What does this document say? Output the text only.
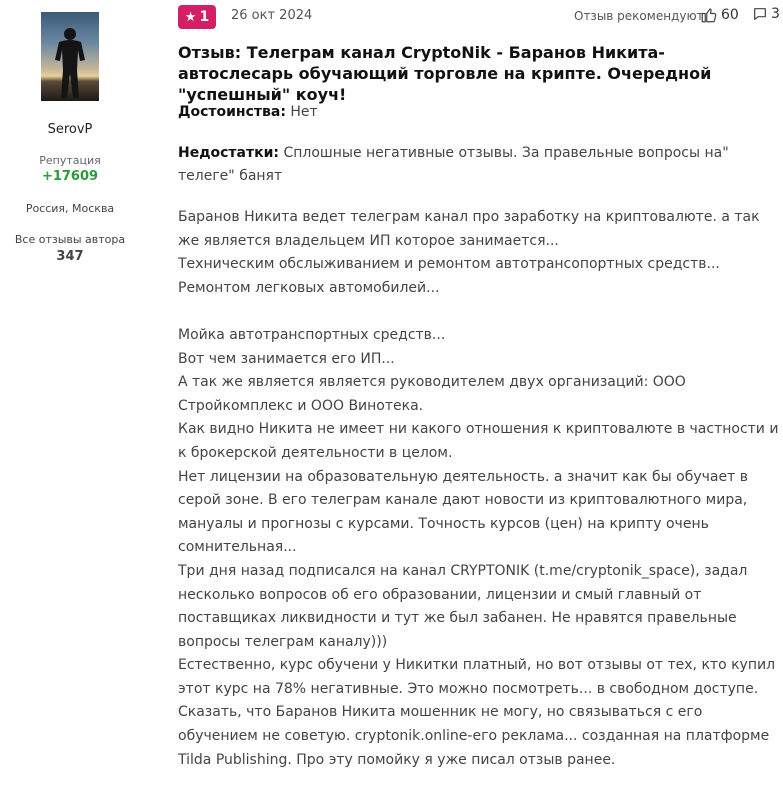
SerovP
Репутация
+17609
Россия, Москва
Все отзывы автора
347
★ 1 26 окт 2024	Отзыв рекомендуют 60 3
Отзыв: Телеграм канал CryptoNik - Баранов Никита-автослесарь обучающий торговле на крипте. Очередной "успешный" коуч!
Достоинства: Нет
Недостатки: Сплошные негативные отзывы. За правельные вопросы на" телеге" банят
Баранов Никита ведет телеграм канал про заработку на криптовалюте. а так же является владельцем ИП которое занимается...
Техническим обслыживанием и ремонтом автотрансопортных средств...
Ремонтом легковых автомобилей...

Мойка автотранспортных средств...
Вот чем занимается его ИП...
А так же является является руководителем двух организаций: ООО Стройкомплекс и ООО Винотека.
Как видно Никита не имеет ни какого отношения к криптовалюте в частности и к брокерской деятельности в целом.
Нет лицензии на образовательную деятельность. а значит как бы обучает в серой зоне. В его телеграм канале дают новости из криптовалютного мира, мануалы и прогнозы с курсами. Точность курсов (цен) на крипту очень сомнительная...
Три дня назад подписался на канал CRYPTONIK (t.me/cryptonik_space), задал несколько вопросов об его образовании, лицензии и смый главный от поставщиках ликвидности и тут же был забанен. Не нравятся правельные вопросы телеграм каналу)))
Естественно, курс обучени у Никитки платный, но вот отзывы от тех, кто купил этот курс на 78% негативные. Это можно посмотреть... в свободном доступе.
Сказать, что Баранов Никита мошенник не могу, но связываться с его обучением не советую. cryptonik.online-его реклама... созданная на платформе Tilda Publishing. Про эту помойку я уже писал отзыв ранее.
